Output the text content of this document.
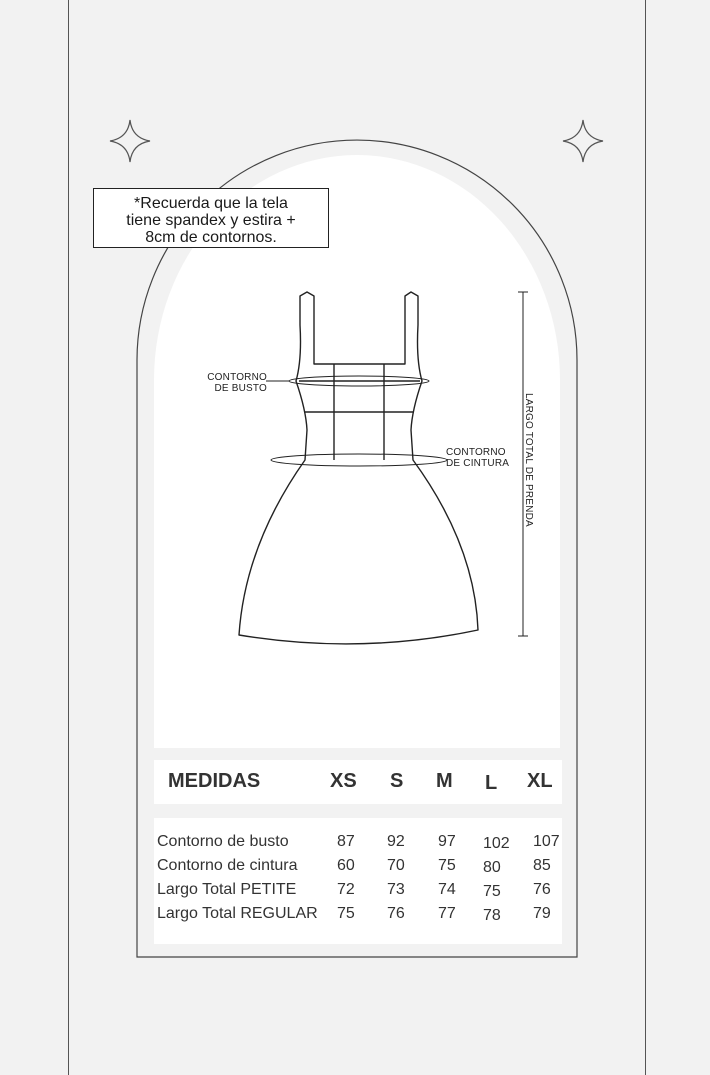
*Recuerda que la tela
tiene spandex y estira +
8cm de contornos.
CONTORNO
DE BUSTO
CONTORNO
DE CINTURA LARGO TOTAL DE PRENDA
MEDIDAS	XS S M L XL
Contorno de busto	87 92 97 102 107
Contorno de cintura 60 70 75 80 85
Largo Total PETITE	72 73 74 75 76
Largo Total REGULAR 75 76 77 78 79
